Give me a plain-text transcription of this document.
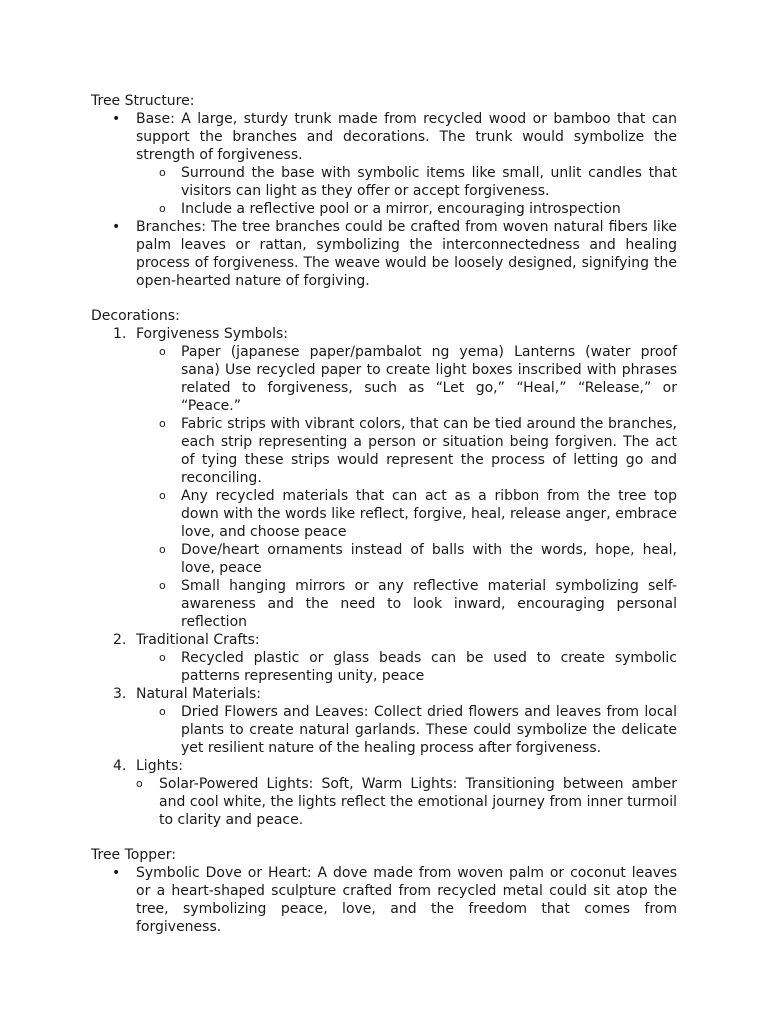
Tree Structure:
•
Base: A large, sturdy trunk made from recycled wood or bamboo that can support the branches and decorations. The trunk would symbolize the strength of forgiveness.
o
Surround the base with symbolic items like small, unlit candles that visitors can light as they offer or accept forgiveness.
o
Include a reflective pool or a mirror, encouraging introspection
•
Branches: The tree branches could be crafted from woven natural fibers like palm leaves or rattan, symbolizing the interconnectedness and healing process of forgiveness. The weave would be loosely designed, signifying the open-hearted nature of forgiving.
Decorations:
1. Forgiveness Symbols:
o
Paper (japanese paper/pambalot ng yema) Lanterns (water proof sana) Use recycled paper to create light boxes inscribed with phrases related to forgiveness, such as “Let go,” “Heal,” “Release,” or “Peace.”
o
Fabric strips with vibrant colors, that can be tied around the branches, each strip representing a person or situation being forgiven. The act of tying these strips would represent the process of letting go and reconciling.
o
Any recycled materials that can act as a ribbon from the tree top down with the words like reflect, forgive, heal, release anger, embrace love, and choose peace
o
Dove/heart ornaments instead of balls with the words, hope, heal, love, peace
o
Small hanging mirrors or any reflective material symbolizing self-awareness and the need to look inward, encouraging personal reflection
2. Traditional Crafts:
o
Recycled plastic or glass beads can be used to create symbolic patterns representing unity, peace
3. Natural Materials:
o
Dried Flowers and Leaves: Collect dried flowers and leaves from local plants to create natural garlands. These could symbolize the delicate yet resilient nature of the healing process after forgiveness.
4. Lights:
o
Solar-Powered Lights: Soft, Warm Lights: Transitioning between amber and cool white, the lights reflect the emotional journey from inner turmoil to clarity and peace.
Tree Topper:
•
Symbolic Dove or Heart: A dove made from woven palm or coconut leaves or a heart-shaped sculpture crafted from recycled metal could sit atop the tree, symbolizing peace, love, and the freedom that comes from forgiveness.
